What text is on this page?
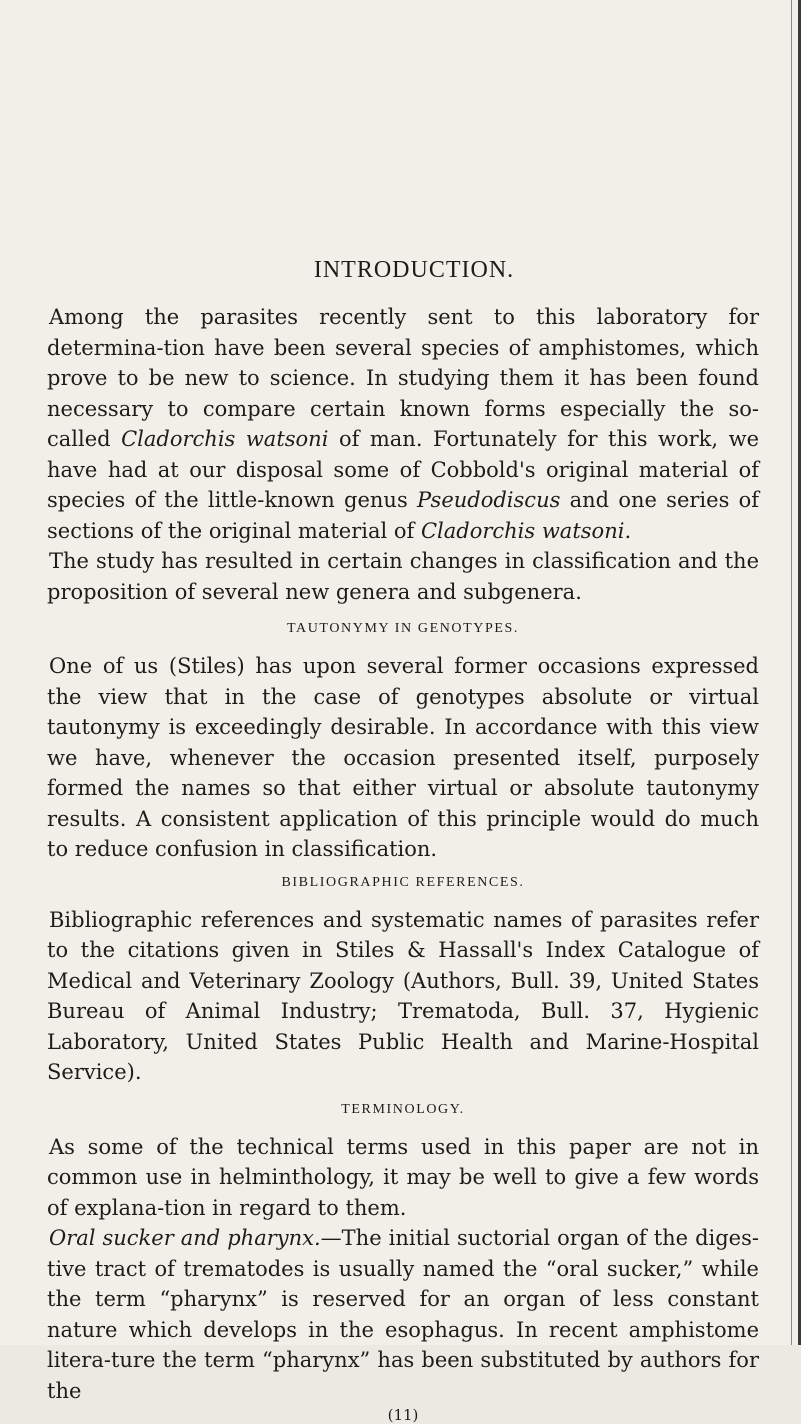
INTRODUCTION.

Among the parasites recently sent to this laboratory for determina-tion have been several species of amphistomes, which prove to be new to science. In studying them it has been found necessary to compare certain known forms especially the so-called Cladorchis watsoni of man. Fortunately for this work, we have had at our disposal some of Cobbold's original material of species of the little-known genus Pseudodiscus and one series of sections of the original material of Cladorchis watsoni.

The study has resulted in certain changes in classification and the proposition of several new genera and subgenera.

TAUTONYMY IN GENOTYPES.

One of us (Stiles) has upon several former occasions expressed the view that in the case of genotypes absolute or virtual tautonymy is exceedingly desirable. In accordance with this view we have, whenever the occasion presented itself, purposely formed the names so that either virtual or absolute tautonymy results. A consistent application of this principle would do much to reduce confusion in classification.

BIBLIOGRAPHIC REFERENCES.

Bibliographic references and systematic names of parasites refer to the citations given in Stiles & Hassall's Index Catalogue of Medical and Veterinary Zoology (Authors, Bull. 39, United States Bureau of Animal Industry; Trematoda, Bull. 37, Hygienic Laboratory, United States Public Health and Marine-Hospital Service).

TERMINOLOGY.

As some of the technical terms used in this paper are not in common use in helminthology, it may be well to give a few words of explana-tion in regard to them.

Oral sucker and pharynx.—The initial suctorial organ of the diges-tive tract of trematodes is usually named the “oral sucker,” while the term “pharynx” is reserved for an organ of less constant nature which develops in the esophagus. In recent amphistome litera-ture the term “pharynx” has been substituted by authors for the

(11)
